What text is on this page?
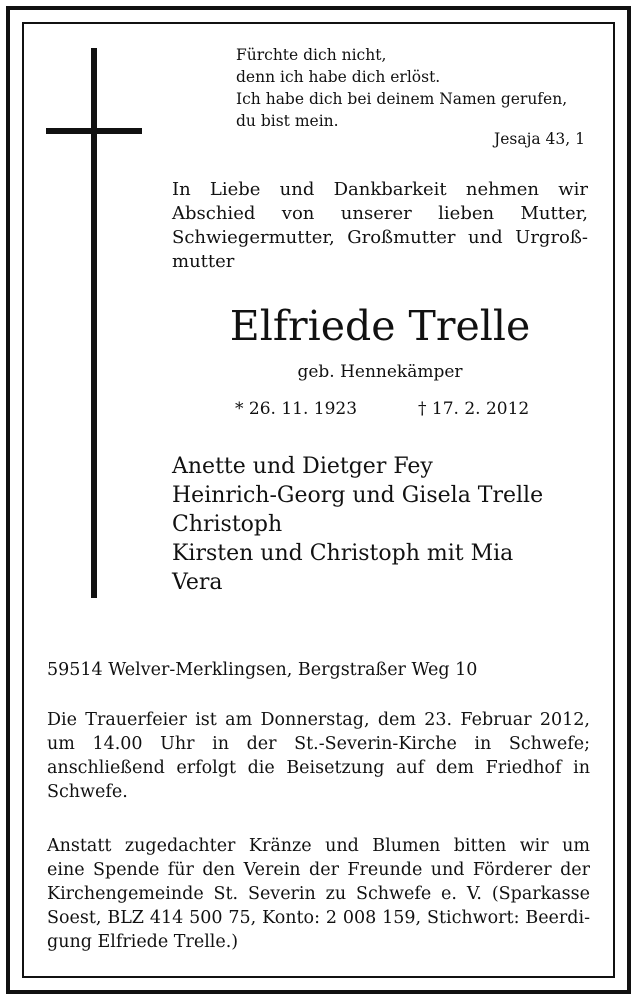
Fürchte dich nicht,
denn ich habe dich erlöst.
Ich habe dich bei deinem Namen gerufen,
du bist mein.
Jesaja 43, 1
In Liebe und Dankbarkeit nehmen wir
Abschied von unserer lieben Mutter,
Schwiegermutter, Großmutter und Urgroß-
mutter
Elfriede Trelle
geb. Hennekämper
* 26. 11. 1923	† 17. 2. 2012
Anette und Dietger Fey
Heinrich-Georg und Gisela Trelle
Christoph
Kirsten und Christoph mit Mia
Vera
59514 Welver-Merklingsen, Bergstraßer Weg 10
Die Trauerfeier ist am Donnerstag, dem 23. Februar 2012,
um 14.00 Uhr in der St.-Severin-Kirche in Schwefe;
anschließend erfolgt die Beisetzung auf dem Friedhof in
Schwefe.
Anstatt zugedachter Kränze und Blumen bitten wir um
eine Spende für den Verein der Freunde und Förderer der
Kirchengemeinde St. Severin zu Schwefe e. V. (Sparkasse
Soest, BLZ 414 500 75, Konto: 2 008 159, Stichwort: Beerdi-
gung Elfriede Trelle.)
